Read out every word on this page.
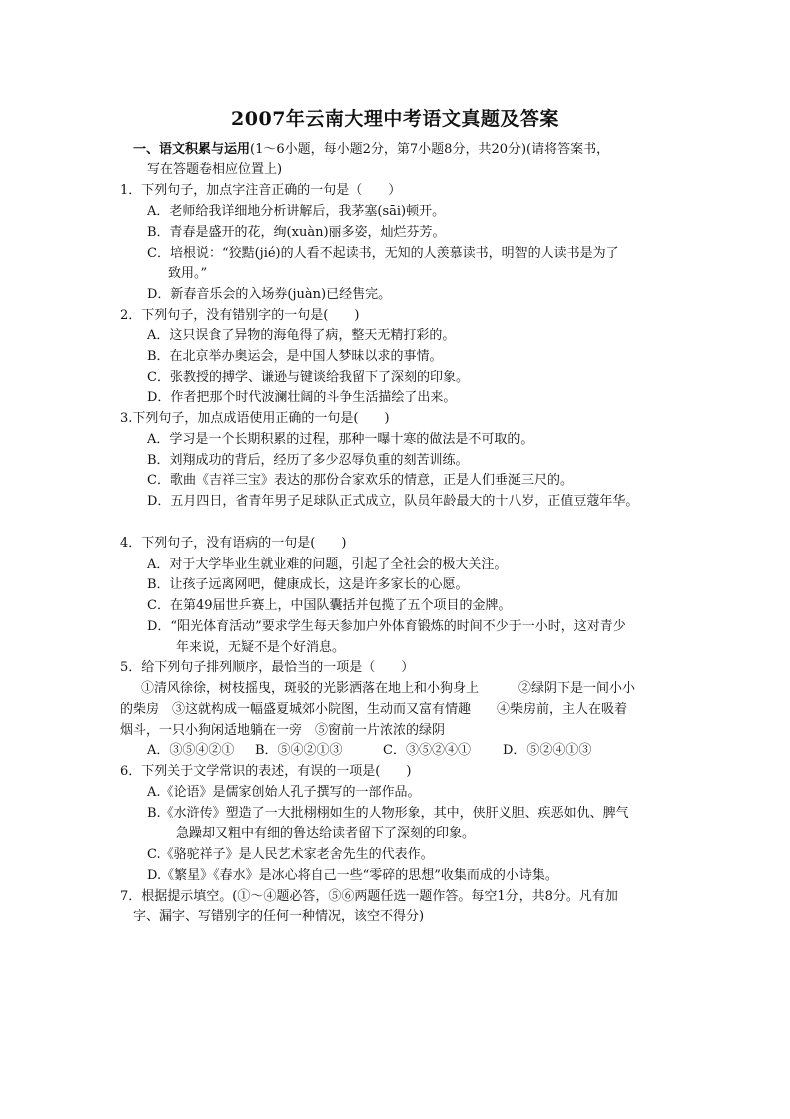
2007年云南大理中考语文真题及答案
一、语文积累与运用(1～6小题，每小题2分，第7小题8分，共20分)(请将答案书，
写在答题卷相应位置上)
1．下列句子，加点字注音正确的一句是（　　）
A．老师给我详细地分析讲解后，我茅塞(sāi)顿开。
B．青春是盛开的花，绚(xuàn)丽多姿，灿烂芬芳。
C．培根说：“狡黠(jié)的人看不起读书，无知的人羡慕读书，明智的人读书是为了
致用。”
D．新春音乐会的入场券(juàn)已经售完。
2．下列句子，没有错别字的一句是(　　)
A．这只误食了异物的海龟得了病，整天无精打彩的。
B．在北京举办奥运会，是中国人梦昧以求的事情。
C．张教授的搏学、谦逊与键谈给我留下了深刻的印象。
D．作者把那个时代波澜壮阔的斗争生活描绘了出来。
3.下列句子，加点成语使用正确的一句是(　　)
A．学习是一个长期积累的过程，那种一曝十寒的做法是不可取的。
B．刘翔成功的背后，经历了多少忍辱负重的刻苦训练。
C．歌曲《吉祥三宝》表达的那份合家欢乐的情意，正是人们垂涎三尺的。
D．五月四日，省青年男子足球队正式成立，队员年龄最大的十八岁，正值豆蔻年华。
4．下列句子，没有语病的一句是(　　)
A．对于大学毕业生就业难的问题，引起了全社会的极大关注。
B．让孩子远离网吧，健康成长，这是许多家长的心愿。
C．在第49届世乒赛上，中国队囊括并包揽了五个项目的金牌。
D．“阳光体育活动”要求学生每天参加户外体育锻炼的时间不少于一小时，这对青少
年来说，无疑不是个好消息。
5．给下列句子排列顺序，最恰当的一项是（　　）
①清风徐徐，树枝摇曳，斑驳的光影洒落在地上和小狗身上　　　②绿阴下是一间小小
的柴房　③这就构成一幅盛夏城郊小院图，生动而又富有情趣　　④柴房前，主人在吸着
烟斗，一只小狗闲适地躺在一旁　⑤窗前一片浓浓的绿阴
A．③⑤④②① B．⑤④②①③	C．③⑤②④① D．⑤②④①③
6．下列关于文学常识的表述，有误的一项是(　　)
A.《论语》是儒家创始人孔子撰写的一部作品。
B.《水浒传》塑造了一大批栩栩如生的人物形象，其中，侠肝义胆、疾恶如仇、脾气
急躁却又粗中有细的鲁达给读者留下了深刻的印象。
C.《骆驼祥子》是人民艺术家老舍先生的代表作。
D.《繁星》《春水》是冰心将自己一些“零碎的思想”收集而成的小诗集。
7．根据提示填空。(①～④题必答，⑤⑥两题任选一题作答。每空1分，共8分。凡有加
字、漏字、写错别字的任何一种情况，该空不得分)
